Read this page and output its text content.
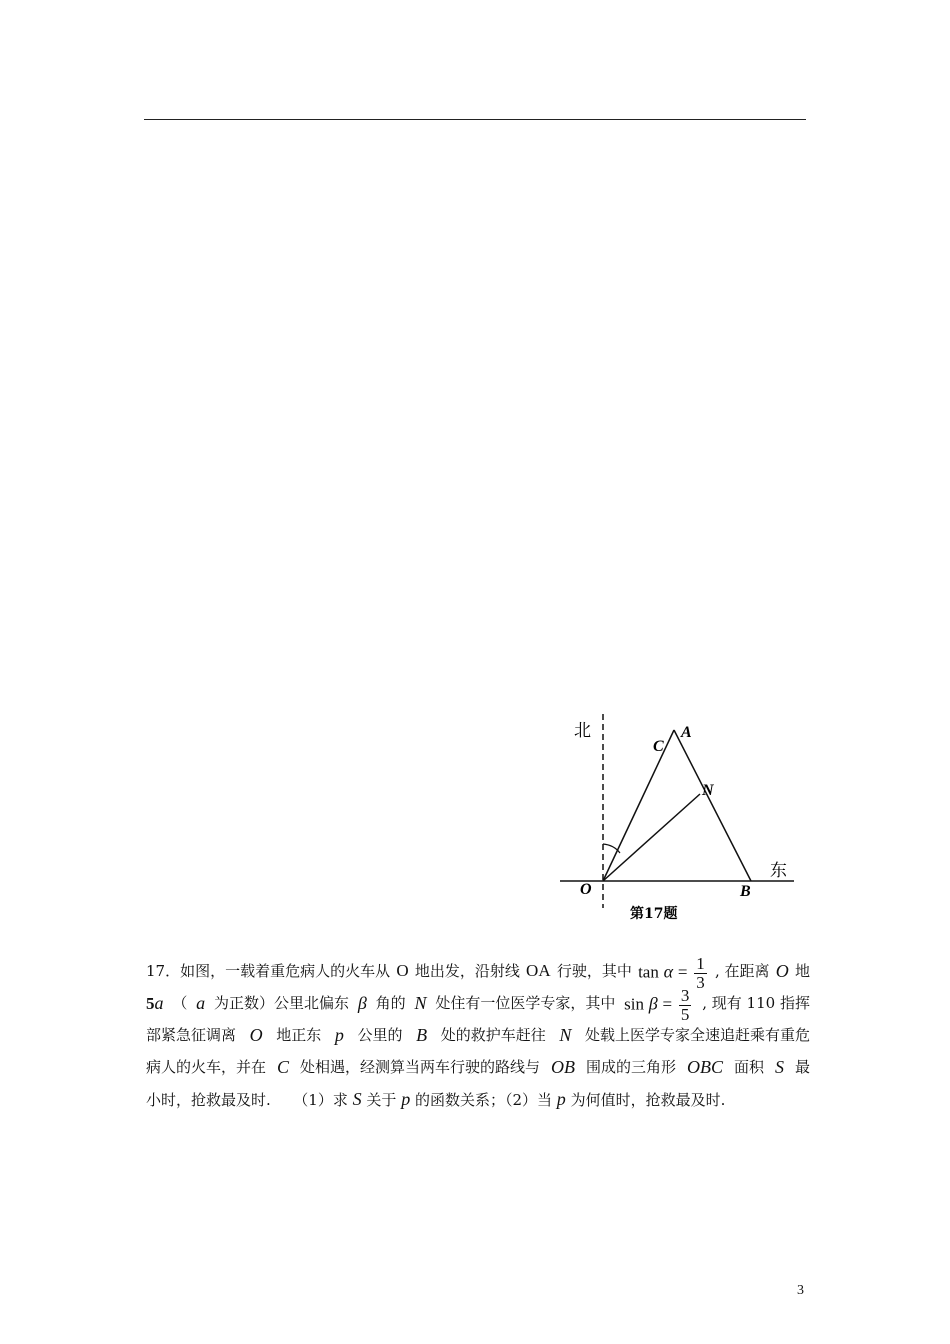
北
东
A
C
N
O	B
第17题
17．如图，一载着重危病人的火车从 O 地出发，沿射线 OA 行驶，其中 $\tan \alpha = \frac{1}{3}$ , 在距离 O 地
5a （ a 为正数）公里北偏东 β 角的 N 处住有一位医学专家，其中 $\sin \beta = \frac{3}{5}$ , 现有 110 指挥
部紧急征调离 O 地正东 p 公里的 B 处的救护车赶往 N 处载上医学专家全速追赶乘有重危
病人的火车，并在 C 处相遇，经测算当两车行驶的路线与 OB 围成的三角形 OBC 面积 S 最
小时，抢救最及时.　　（1）求 S 关于 p 的函数关系；（2）当 p 为何值时，抢救最及时.
3
